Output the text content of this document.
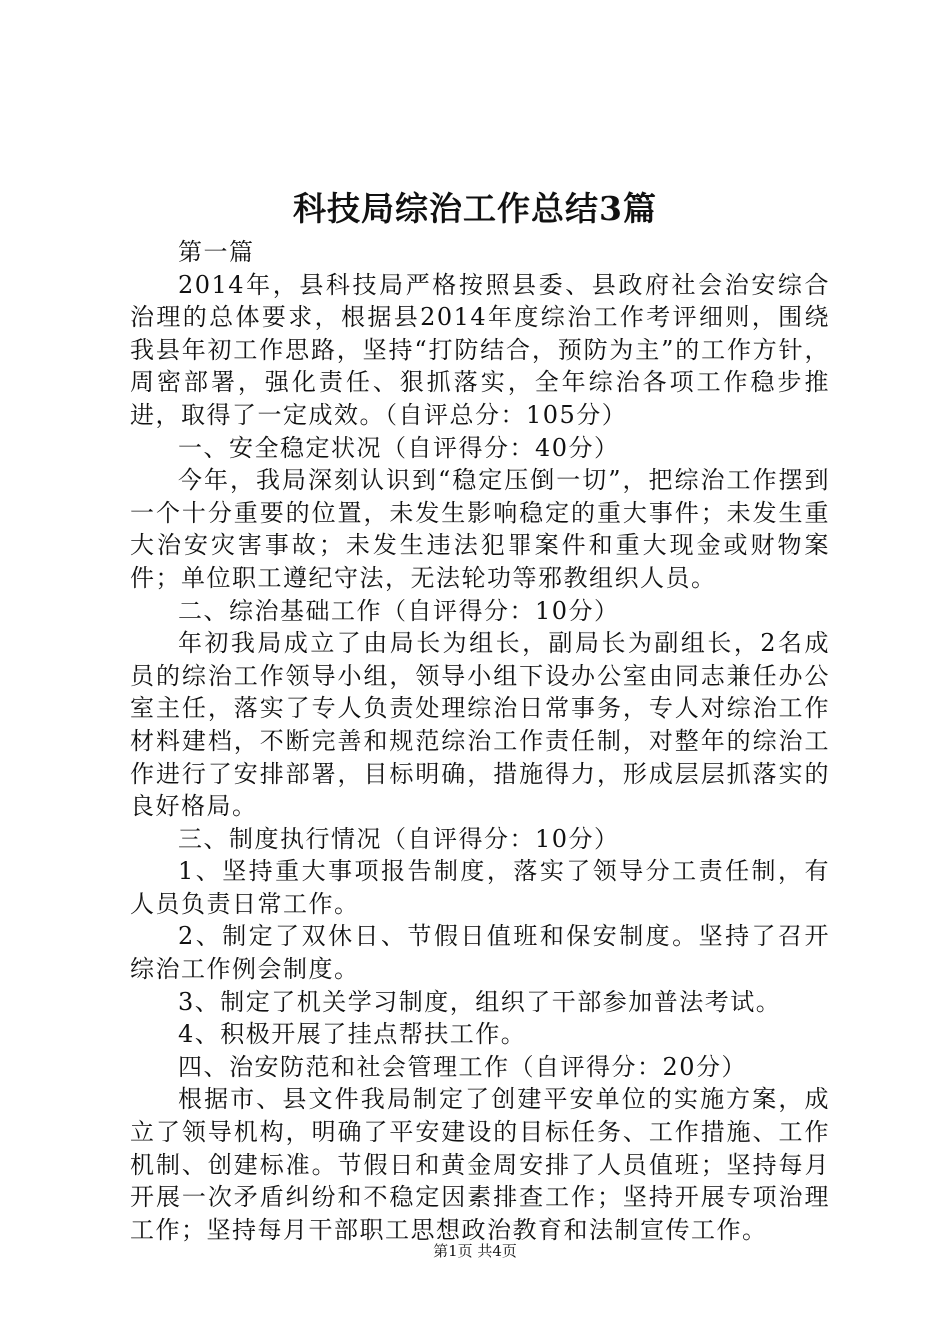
科技局综治工作总结3篇

第一篇

2014年，县科技局严格按照县委、县政府社会治安综合治理的总体要求，根据县2014年度综治工作考评细则，围绕我县年初工作思路，坚持“打防结合，预防为主”的工作方针，周密部署，强化责任、狠抓落实，全年综治各项工作稳步推进，取得了一定成效。（自评总分：105分）

一、安全稳定状况（自评得分：40分）

今年，我局深刻认识到“稳定压倒一切”，把综治工作摆到一个十分重要的位置，未发生影响稳定的重大事件；未发生重大治安灾害事故；未发生违法犯罪案件和重大现金或财物案件；单位职工遵纪守法，无法轮功等邪教组织人员。

二、综治基础工作（自评得分：10分）

年初我局成立了由局长为组长，副局长为副组长，2名成员的综治工作领导小组，领导小组下设办公室由同志兼任办公室主任，落实了专人负责处理综治日常事务，专人对综治工作材料建档，不断完善和规范综治工作责任制，对整年的综治工作进行了安排部署，目标明确，措施得力，形成层层抓落实的良好格局。

三、制度执行情况（自评得分：10分）

1、坚持重大事项报告制度，落实了领导分工责任制，有人员负责日常工作。

2、制定了双休日、节假日值班和保安制度。坚持了召开综治工作例会制度。

3、制定了机关学习制度，组织了干部参加普法考试。

4、积极开展了挂点帮扶工作。

四、治安防范和社会管理工作（自评得分：20分）

根据市、县文件我局制定了创建平安单位的实施方案，成立了领导机构，明确了平安建设的目标任务、工作措施、工作机制、创建标准。节假日和黄金周安排了人员值班；坚持每月开展一次矛盾纠纷和不稳定因素排查工作；坚持开展专项治理工作；坚持每月干部职工思想政治教育和法制宣传工作。

第1页 共4页
